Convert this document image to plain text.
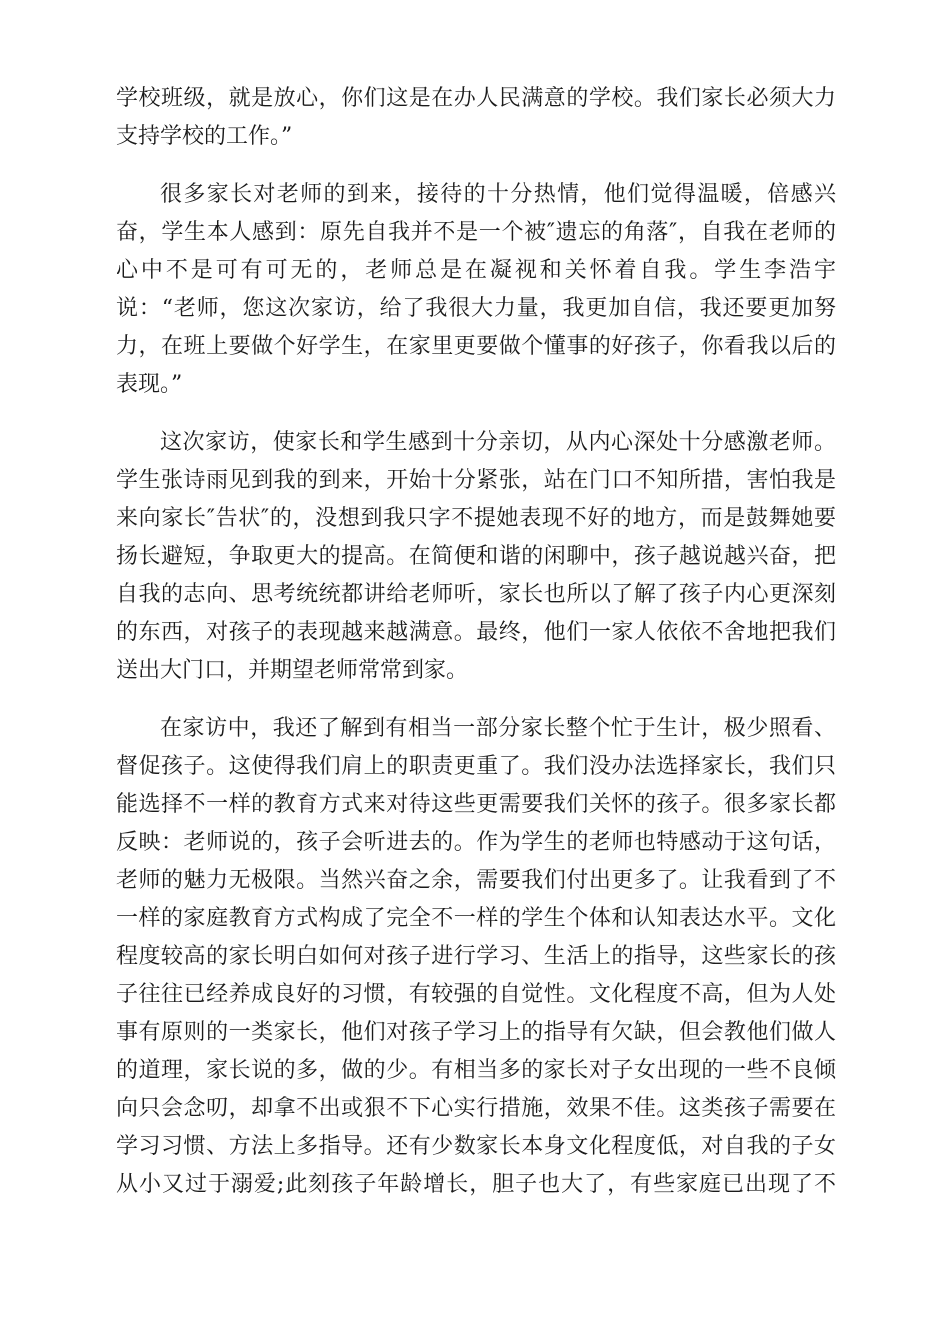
学校班级，就是放心，你们这是在办人民满意的学校。我们家长必须大力
支持学校的工作。”
很多家长对老师的到来，接待的十分热情，他们觉得温暖，倍感兴
奋，学生本人感到：原先自我并不是一个被″遗忘的角落″，自我在老师的
心中不是可有可无的，老师总是在凝视和关怀着自我。学生李浩宇
说：“老师，您这次家访，给了我很大力量，我更加自信，我还要更加努
力，在班上要做个好学生，在家里更要做个懂事的好孩子，你看我以后的
表现。”
这次家访，使家长和学生感到十分亲切，从内心深处十分感激老师。
学生张诗雨见到我的到来，开始十分紧张，站在门口不知所措，害怕我是
来向家长″告状″的，没想到我只字不提她表现不好的地方，而是鼓舞她要
扬长避短，争取更大的提高。在简便和谐的闲聊中，孩子越说越兴奋，把
自我的志向、思考统统都讲给老师听，家长也所以了解了孩子内心更深刻
的东西，对孩子的表现越来越满意。最终，他们一家人依依不舍地把我们
送出大门口，并期望老师常常到家。
在家访中，我还了解到有相当一部分家长整个忙于生计，极少照看、
督促孩子。这使得我们肩上的职责更重了。我们没办法选择家长，我们只
能选择不一样的教育方式来对待这些更需要我们关怀的孩子。很多家长都
反映：老师说的，孩子会听进去的。作为学生的老师也特感动于这句话，
老师的魅力无极限。当然兴奋之余，需要我们付出更多了。让我看到了不
一样的家庭教育方式构成了完全不一样的学生个体和认知表达水平。文化
程度较高的家长明白如何对孩子进行学习、生活上的指导，这些家长的孩
子往往已经养成良好的习惯，有较强的自觉性。文化程度不高，但为人处
事有原则的一类家长，他们对孩子学习上的指导有欠缺，但会教他们做人
的道理，家长说的多，做的少。有相当多的家长对子女出现的一些不良倾
向只会念叨，却拿不出或狠不下心实行措施，效果不佳。这类孩子需要在
学习习惯、方法上多指导。还有少数家长本身文化程度低，对自我的子女
从小又过于溺爱;此刻孩子年龄增长，胆子也大了，有些家庭已出现了不
